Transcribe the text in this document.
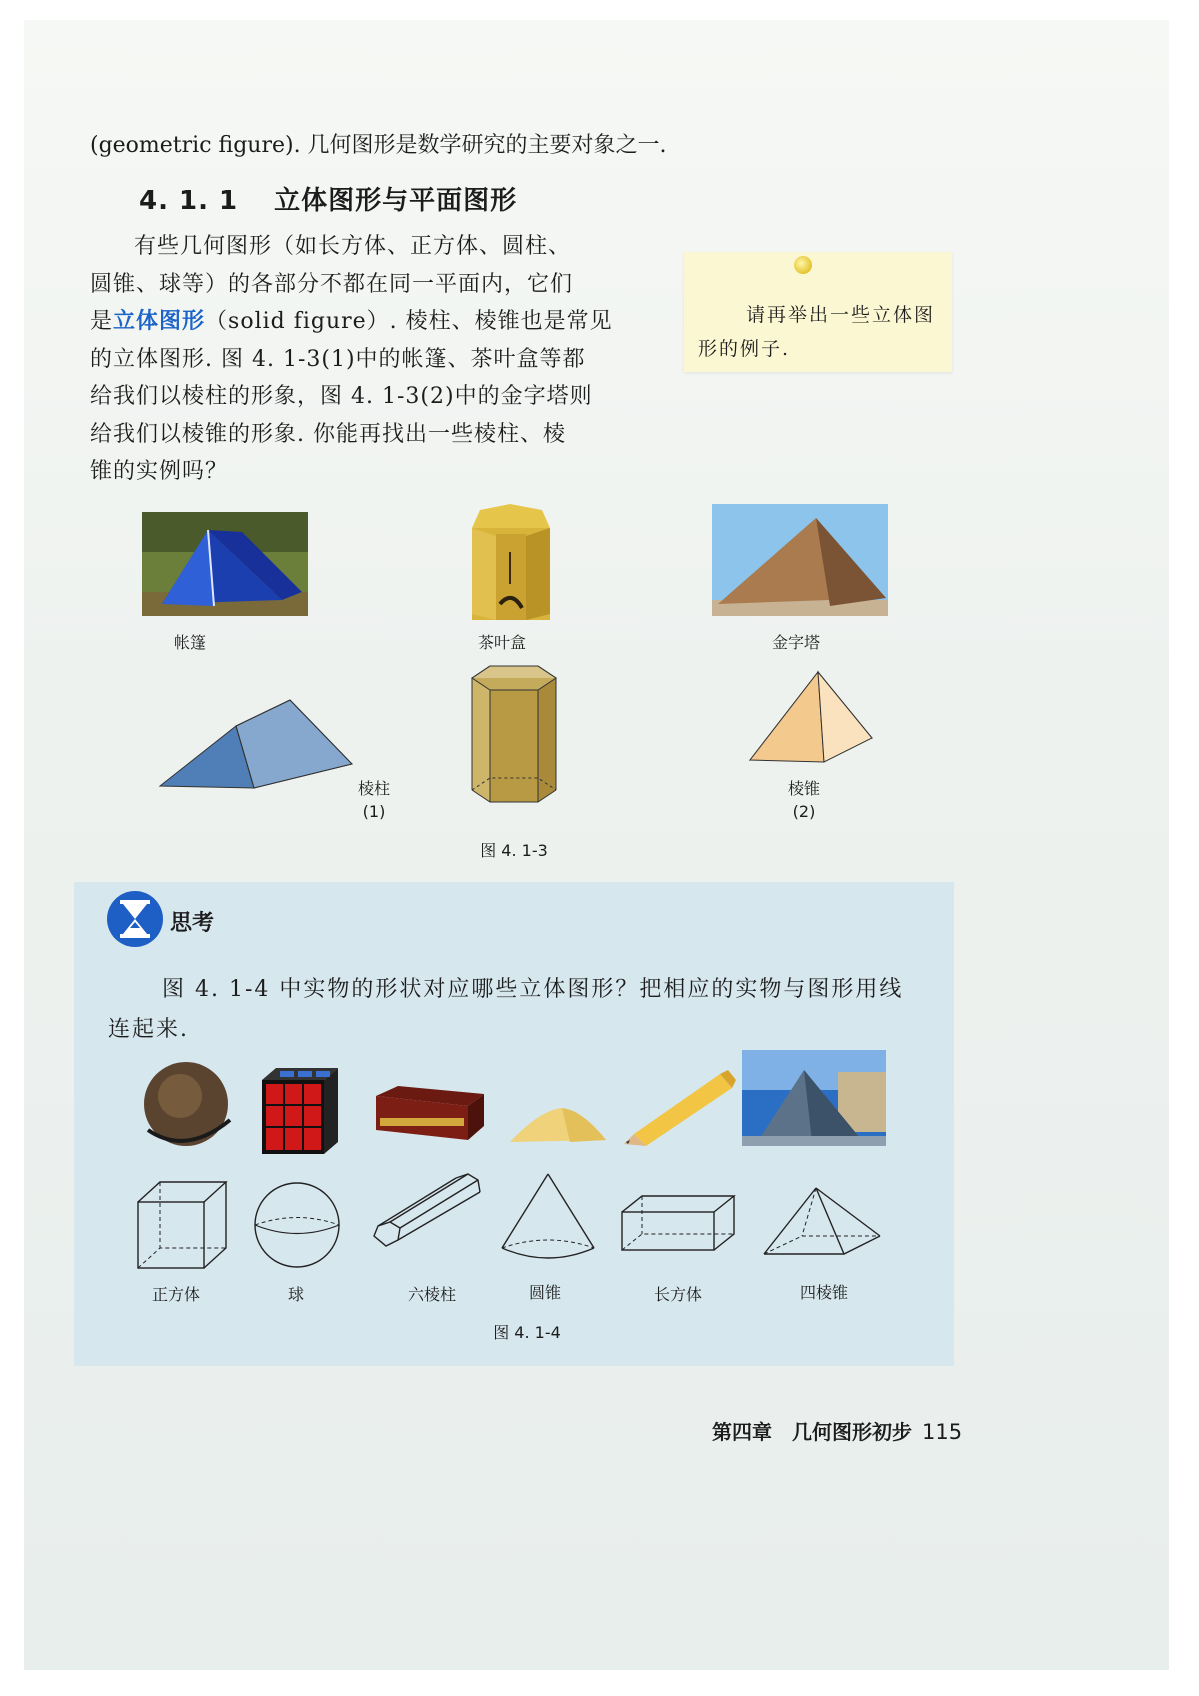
(geometric figure). 几何图形是数学研究的主要对象之一.
4. 1. 1 立体图形与平面图形

有些几何图形（如长方体、正方体、圆柱、

圆锥、球等）的各部分不都在同一平面内，它们

是立体图形（solid figure）. 棱柱、棱锥也是常见

的立体图形. 图 4. 1-3(1)中的帐篷、茶叶盒等都

给我们以棱柱的形象，图 4. 1-3(2)中的金字塔则

给我们以棱锥的形象. 你能再找出一些棱柱、棱

锥的实例吗？

请再举出一些立体图形的例子.
帐篷	茶叶盒	金字塔
棱柱
(1)
棱锥
(2)
图 4. 1-3
思考

图 4. 1-4 中实物的形状对应哪些立体图形？把相应的实物与图形用线

连起来.

正方体	球	六棱柱	圆锥	长方体	四棱锥
图 4. 1-4
第四章　几何图形初步 115
